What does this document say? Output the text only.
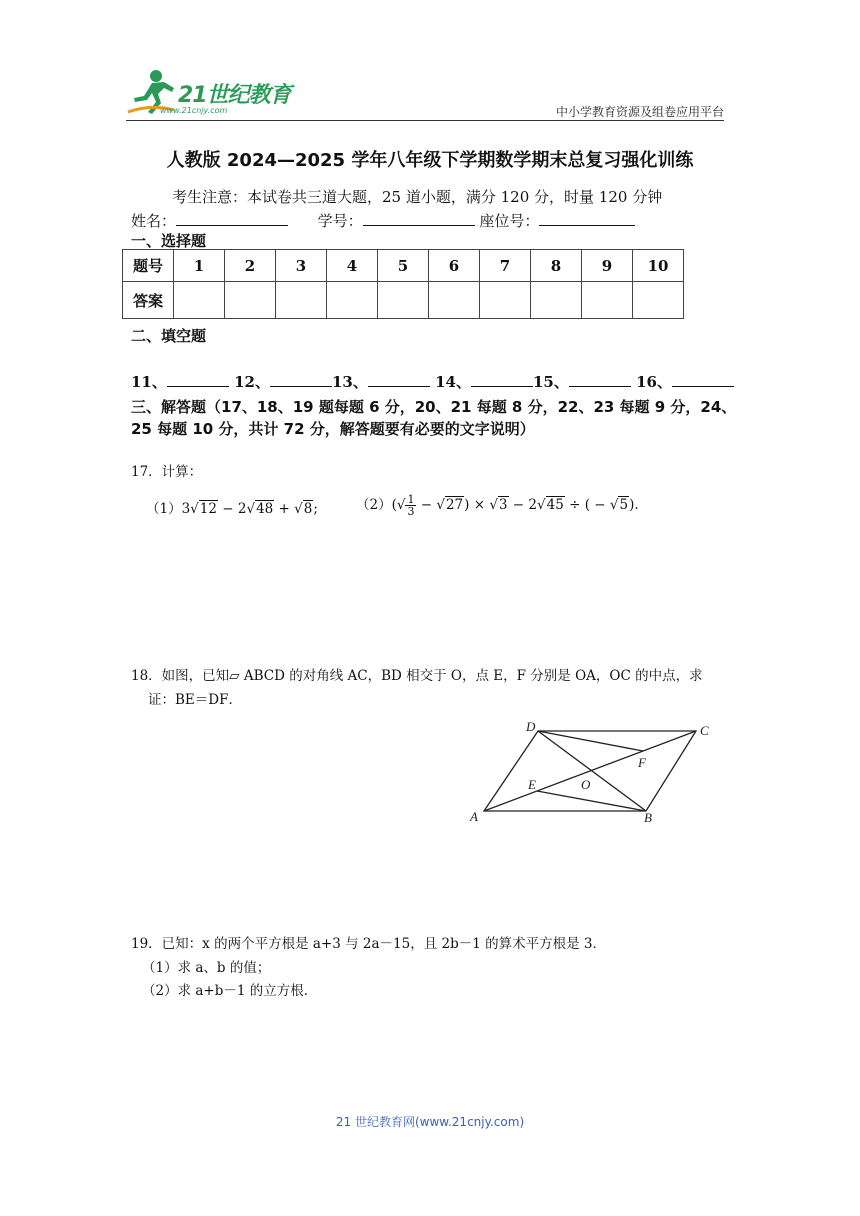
21世纪教育
www.21cnjy.com	中小学教育资源及组卷应用平台
人教版 2024—2025 学年八年级下学期数学期末总复习强化训练
考生注意：本试卷共三道大题，25 道小题，满分 120 分，时量 120 分钟
姓名：	学号：	座位号：
一、选择题
题号	1	2	3	4	5	6	7	8	9	10
答案										
二、填空题
11、	12、	13、	14、	15、	16、
三、解答题（17、18、19 题每题 6 分，20、21 每题 8 分，22、23 每题 9 分，24、25 每题 10 分，共计 72 分，解答题要有必要的文字说明）
17．计算：
（1）3√12 − 2√48 + √8;	$(2)(√ \frac{1}{3} - √27) \times √3 - 2√45$ ÷ ( − √5).
18．如图，已知▱ ABCD 的对角线 AC，BD 相交于 O，点 E，F 分别是 OA，OC 的中点，求
证：BE＝DF．
A	B
C
D
E
F
O
19．已知：x 的两个平方根是 a+3 与 2a－15，且 2b－1 的算术平方根是 3．
（1）求 a、b 的值；
（2）求 a+b－1 的立方根．
21 世纪教育网(www.21cnjy.com)
